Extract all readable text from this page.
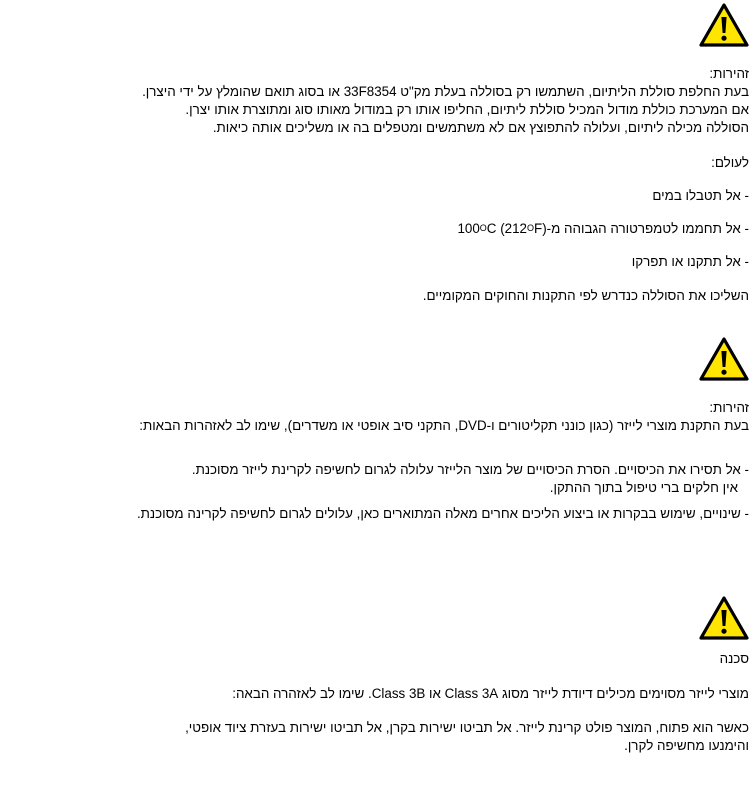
זהירות:
בעת החלפת סוללת הליתיום, השתמשו רק בסוללה בעלת מק"ט 33F8354 או בסוג תואם שהומלץ על ידי היצרן.
אם המערכת כוללת מודול המכיל סוללת ליתיום, החליפו אותו רק במודול מאותו סוג ומתוצרת אותו יצרן.
הסוללה מכילה ליתיום, ועלולה להתפוצץ אם לא משתמשים ומטפלים בה או משליכים אותה כיאות.
לעולם:
- אל תטבלו במים
- אל תחממו לטמפרטורה הגבוהה $מ-100^OC$ $(212^OF)$
- אל תתקנו או תפרקו
השליכו את הסוללה כנדרש לפי התקנות והחוקים המקומיים.
זהירות:
בעת התקנת מוצרי לייזר (כגון כונני תקליטורים ו-DVD, התקני סיב אופטי או משדרים), שימו לב לאזהרות הבאות:
- אל תסירו את הכיסויים. הסרת הכיסויים של מוצר הלייזר עלולה לגרום לחשיפה לקרינת לייזר מסוכנת.
אין חלקים ברי טיפול בתוך ההתקן.
- שינויים, שימוש בבקרות או ביצוע הליכים אחרים מאלה המתוארים כאן, עלולים לגרום לחשיפה לקרינה מסוכנת.
סכנה
מוצרי לייזר מסוימים מכילים דיודת לייזר מסוג Class 3A או Class 3B. שימו לב לאזהרה הבאה:
כאשר הוא פתוח, המוצר פולט קרינת לייזר. אל תביטו ישירות בקרן, אל תביטו ישירות בעזרת ציוד אופטי,
והימנעו מחשיפה לקרן.
